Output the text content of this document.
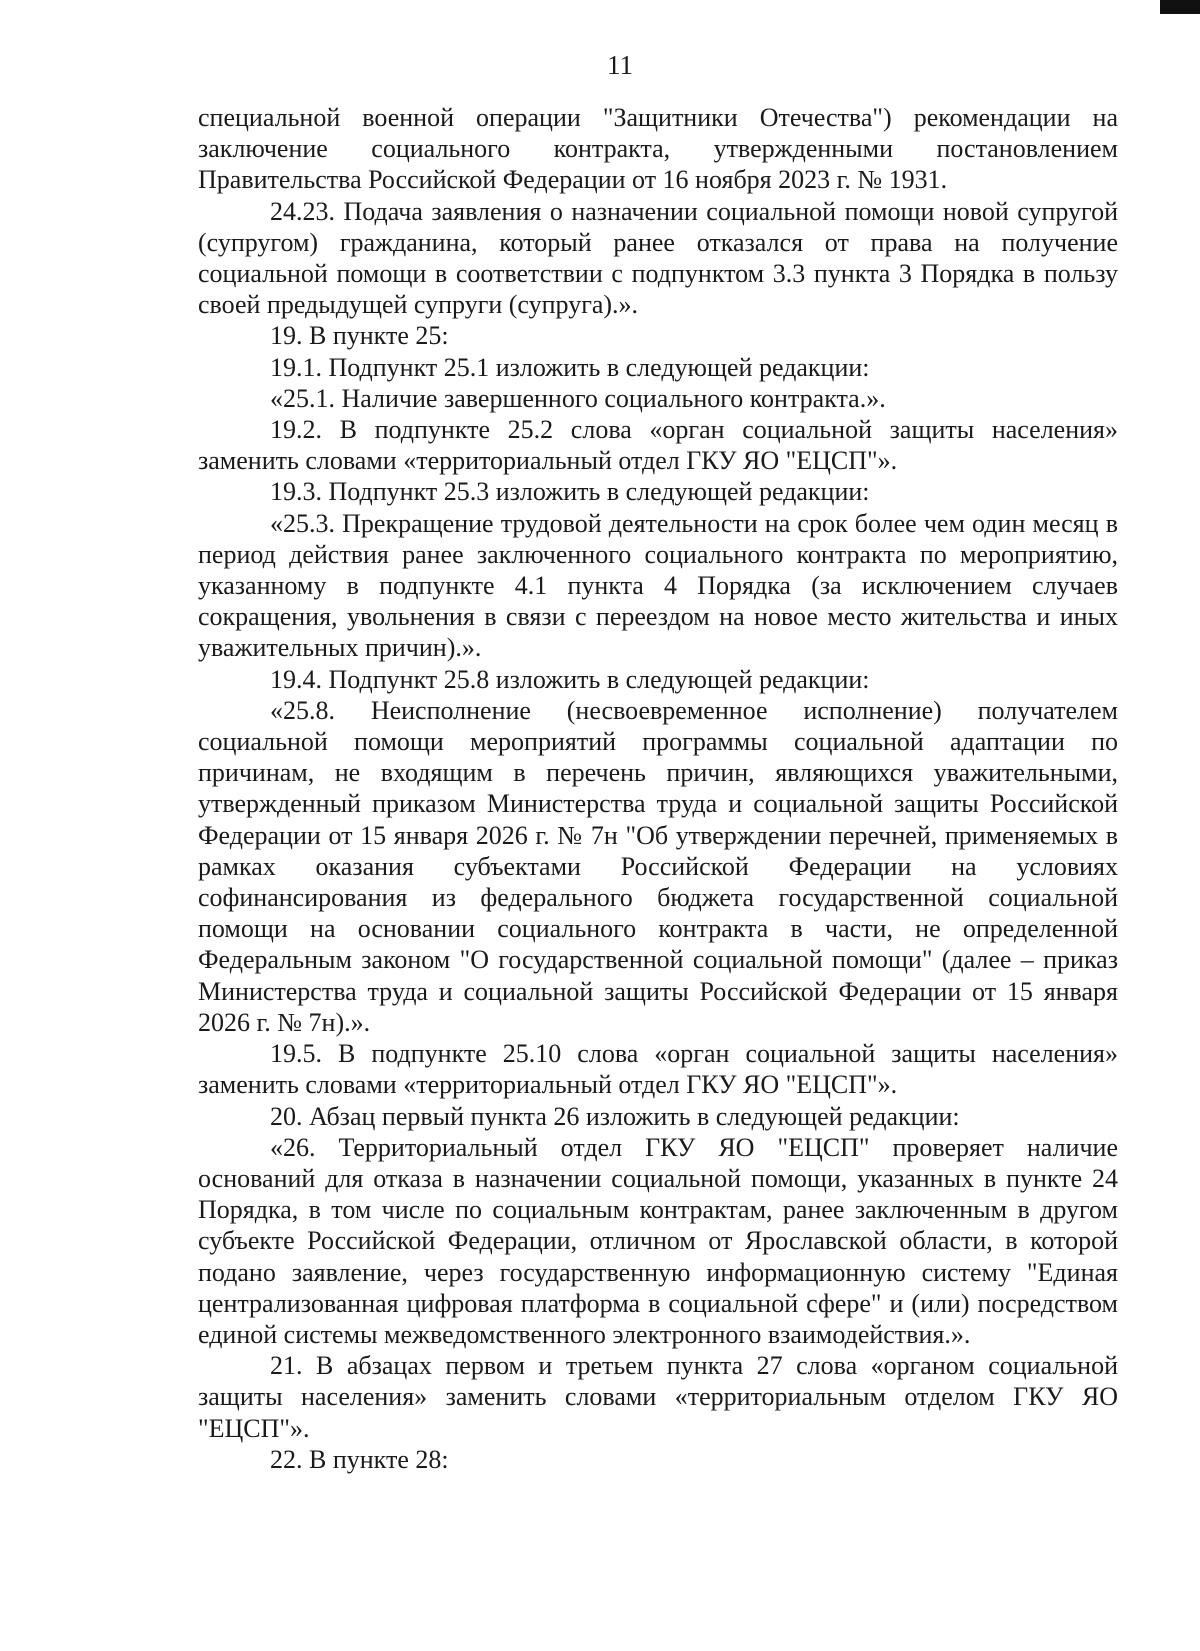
11

специальной военной операции "Защитники Отечества") рекомендации на заключение социального контракта, утвержденными постановлением Правительства Российской Федерации от 16 ноября 2023 г. № 1931.

24.23. Подача заявления о назначении социальной помощи новой супругой (супругом) гражданина, который ранее отказался от права на получение социальной помощи в соответствии с подпунктом 3.3 пункта 3 Порядка в пользу своей предыдущей супруги (супруга).».

19. В пункте 25:

19.1. Подпункт 25.1 изложить в следующей редакции:

«25.1. Наличие завершенного социального контракта.».

19.2. В подпункте 25.2 слова «орган социальной защиты населения» заменить словами «территориальный отдел ГКУ ЯО "ЕЦСП"».

19.3. Подпункт 25.3 изложить в следующей редакции:

«25.3. Прекращение трудовой деятельности на срок более чем один месяц в период действия ранее заключенного социального контракта по мероприятию, указанному в подпункте 4.1 пункта 4 Порядка (за исключением случаев сокращения, увольнения в связи с переездом на новое место жительства и иных уважительных причин).».

19.4. Подпункт 25.8 изложить в следующей редакции:

«25.8. Неисполнение (несвоевременное исполнение) получателем социальной помощи мероприятий программы социальной адаптации по причинам, не входящим в перечень причин, являющихся уважительными, утвержденный приказом Министерства труда и социальной защиты Российской Федерации от 15 января 2026 г. № 7н "Об утверждении перечней, применяемых в рамках оказания субъектами Российской Федерации на условиях софинансирования из федерального бюджета государственной социальной помощи на основании социального контракта в части, не определенной Федеральным законом "О государственной социальной помощи" (далее – приказ Министерства труда и социальной защиты Российской Федерации от 15 января 2026 г. № 7н).».

19.5. В подпункте 25.10 слова «орган социальной защиты населения» заменить словами «территориальный отдел ГКУ ЯО "ЕЦСП"».

20. Абзац первый пункта 26 изложить в следующей редакции:

«26. Территориальный отдел ГКУ ЯО "ЕЦСП" проверяет наличие оснований для отказа в назначении социальной помощи, указанных в пункте 24 Порядка, в том числе по социальным контрактам, ранее заключенным в другом субъекте Российской Федерации, отличном от Ярославской области, в которой подано заявление, через государственную информационную систему "Единая централизованная цифровая платформа в социальной сфере" и (или) посредством единой системы межведомственного электронного взаимодействия.».

21. В абзацах первом и третьем пункта 27 слова «органом социальной защиты населения» заменить словами «территориальным отделом ГКУ ЯО "ЕЦСП"».

22. В пункте 28:
